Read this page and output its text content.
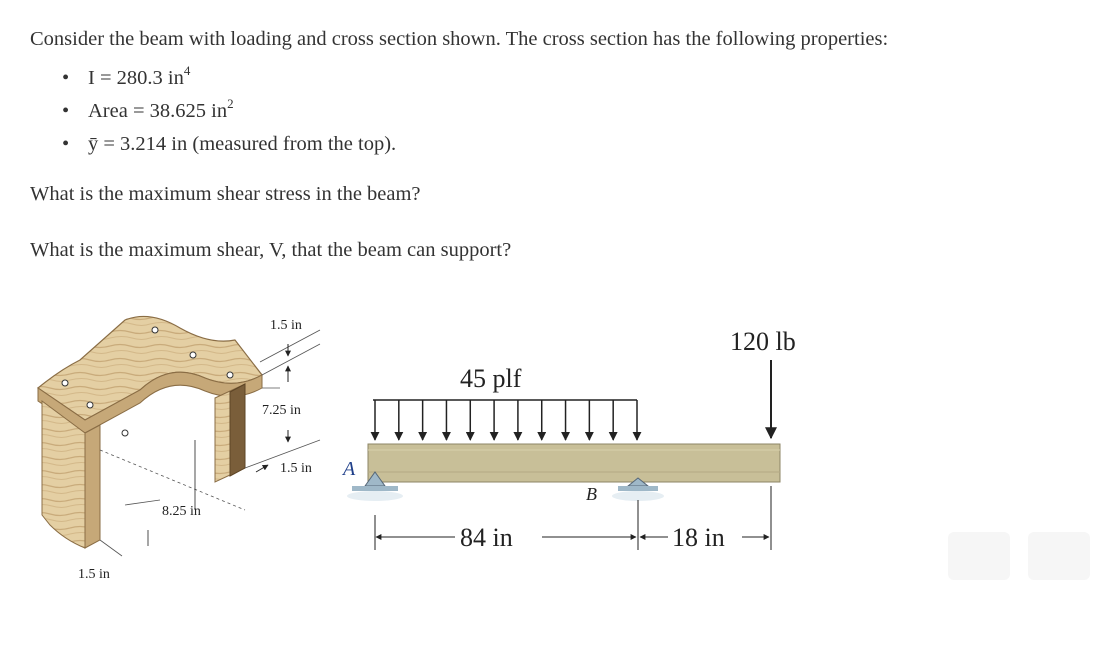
Consider the beam with loading and cross section shown. The cross section has the following properties:
• I = 280.3 $in^4$
• Area = 38.625 $in^2$
• ȳ = 3.214 in (measured from the top).
What is the maximum shear stress in the beam?
What is the maximum shear, V, that the beam can support?
1.5 in
7.25 in
1.5 in
8.25 in
1.5 in
45 plf
120 lb
A
B
84 in	18 in
